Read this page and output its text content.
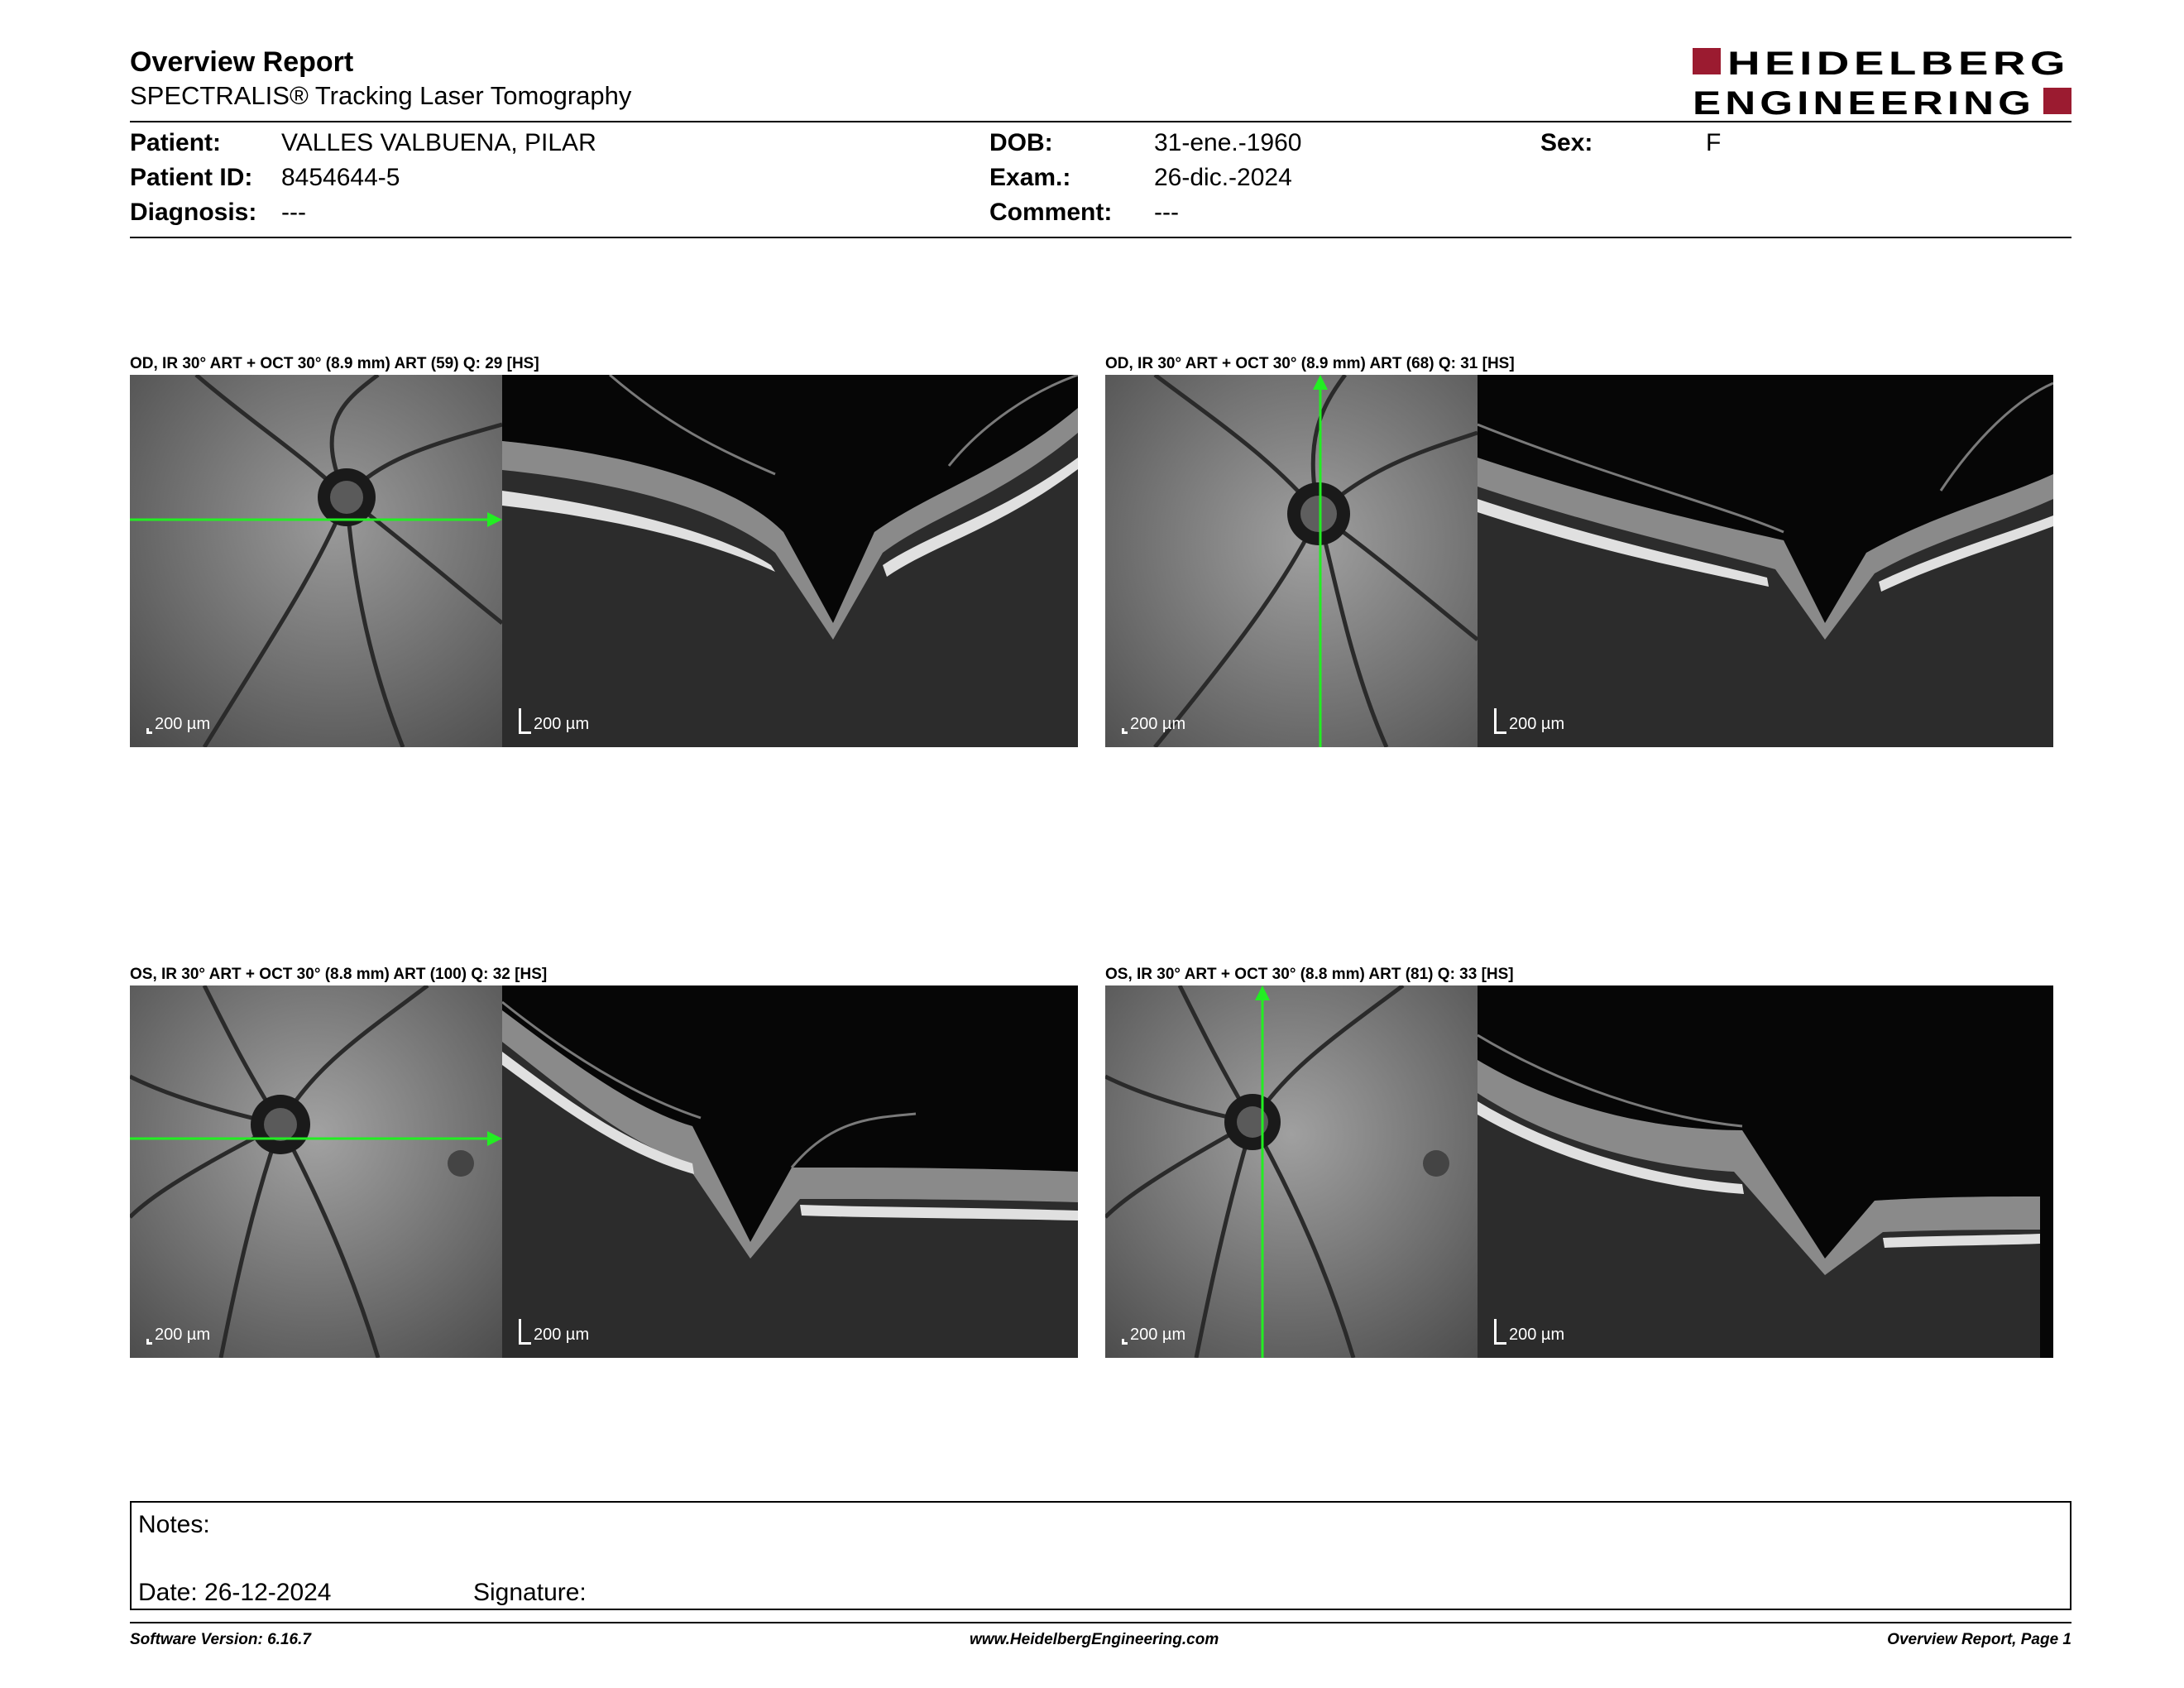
Overview Report
SPECTRALIS® Tracking Laser Tomography
HEIDELBERG
ENGINEERING
Patient: VALLES VALBUENA, PILAR
Patient ID: 8454644-5
Diagnosis: ---
DOB:	31-ene.-1960
Exam.:	26-dic.-2024
Comment: ---
Sex:	F
OD, IR 30° ART + OCT 30° (8.9 mm) ART (59) Q: 29 [HS]
200 µm	200 µm
OD, IR 30° ART + OCT 30° (8.9 mm) ART (68) Q: 31 [HS]
200 µm	200 µm
OS, IR 30° ART + OCT 30° (8.8 mm) ART (100) Q: 32 [HS]
200 µm	200 µm
OS, IR 30° ART + OCT 30° (8.8 mm) ART (81) Q: 33 [HS]
200 µm	200 µm
Notes:
Date: 26-12-2024	Signature:
Software Version: 6.16.7	www.HeidelbergEngineering.com	Overview Report, Page 1
